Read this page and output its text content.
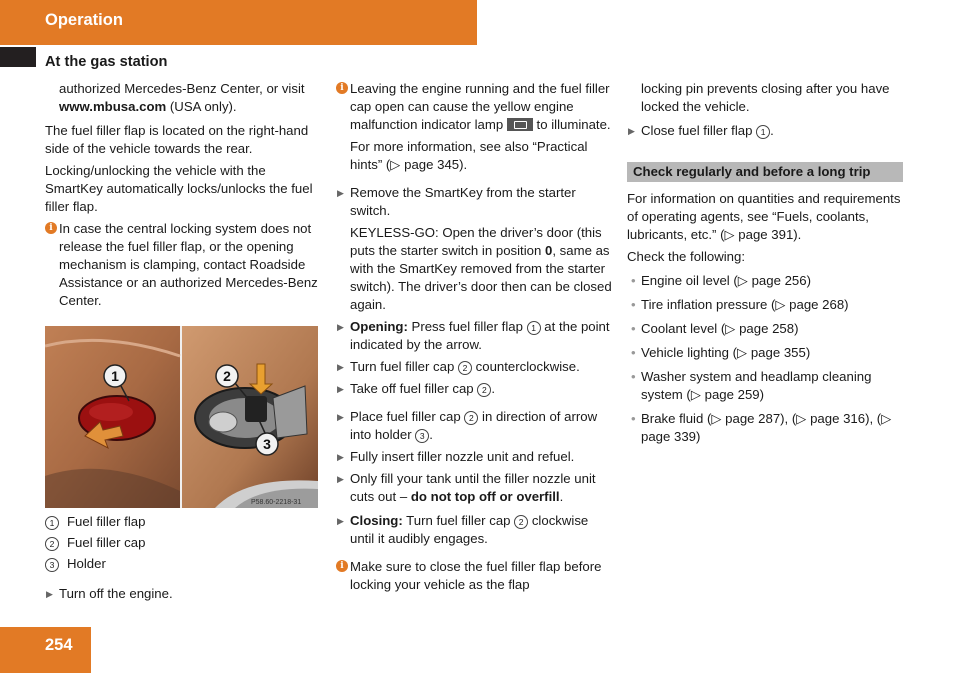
Operation
At the gas station

authorized Mercedes-Benz Center, or visit www.mbusa.com (USA only).

The fuel filler flap is located on the right-hand side of the vehicle towards the rear.

Locking/unlocking the vehicle with the SmartKey automatically locks/unlocks the fuel filler flap.

i In case the central locking system does not release the fuel filler flap, or the opening mechanism is clamping, contact Roadside Assistance or an authorized Mercedes-Benz Center.
1	2
3
P58.60-2218-31
1 Fuel filler flap
2 Fuel filler cap
3 Holder
▶ Turn off the engine.
i Leaving the engine running and the fuel filler cap open can cause the yellow engine malfunction indicator lamp	to illuminate.

For more information, see also “Practical hints” (▷ page 345).

▶ Remove the SmartKey from the starter switch.

KEYLESS-GO: Open the driver’s door (this puts the starter switch in position 0, same as with the SmartKey removed from the starter switch). The driver’s door then can be closed again.

▶ Opening: Press fuel filler flap 1 at the point indicated by the arrow.
▶ Turn fuel filler cap 2 counterclockwise.
▶ Take off fuel filler cap 2 .
▶ Place fuel filler cap 2 in direction of arrow into holder 3 .
▶ Fully insert filler nozzle unit and refuel.
▶ Only fill your tank until the filler nozzle unit cuts out – do not top off or overfill.
▶ Closing: Turn fuel filler cap 2 clockwise until it audibly engages.
i Make sure to close the fuel filler flap before locking your vehicle as the flap

locking pin prevents closing after you have locked the vehicle.

▶ Close fuel filler flap 1 .
Check regularly and before a long trip

For information on quantities and requirements of operating agents, see “Fuels, coolants, lubricants, etc.” (▷ page 391).

Check the following:

• Engine oil level (▷ page 256)
• Tire inflation pressure (▷ page 268)
• Coolant level (▷ page 258)
• Vehicle lighting (▷ page 355)
• Washer system and headlamp cleaning system (▷ page 259)
• Brake fluid (▷ page 287), (▷ page 316), (▷ page 339)
254
